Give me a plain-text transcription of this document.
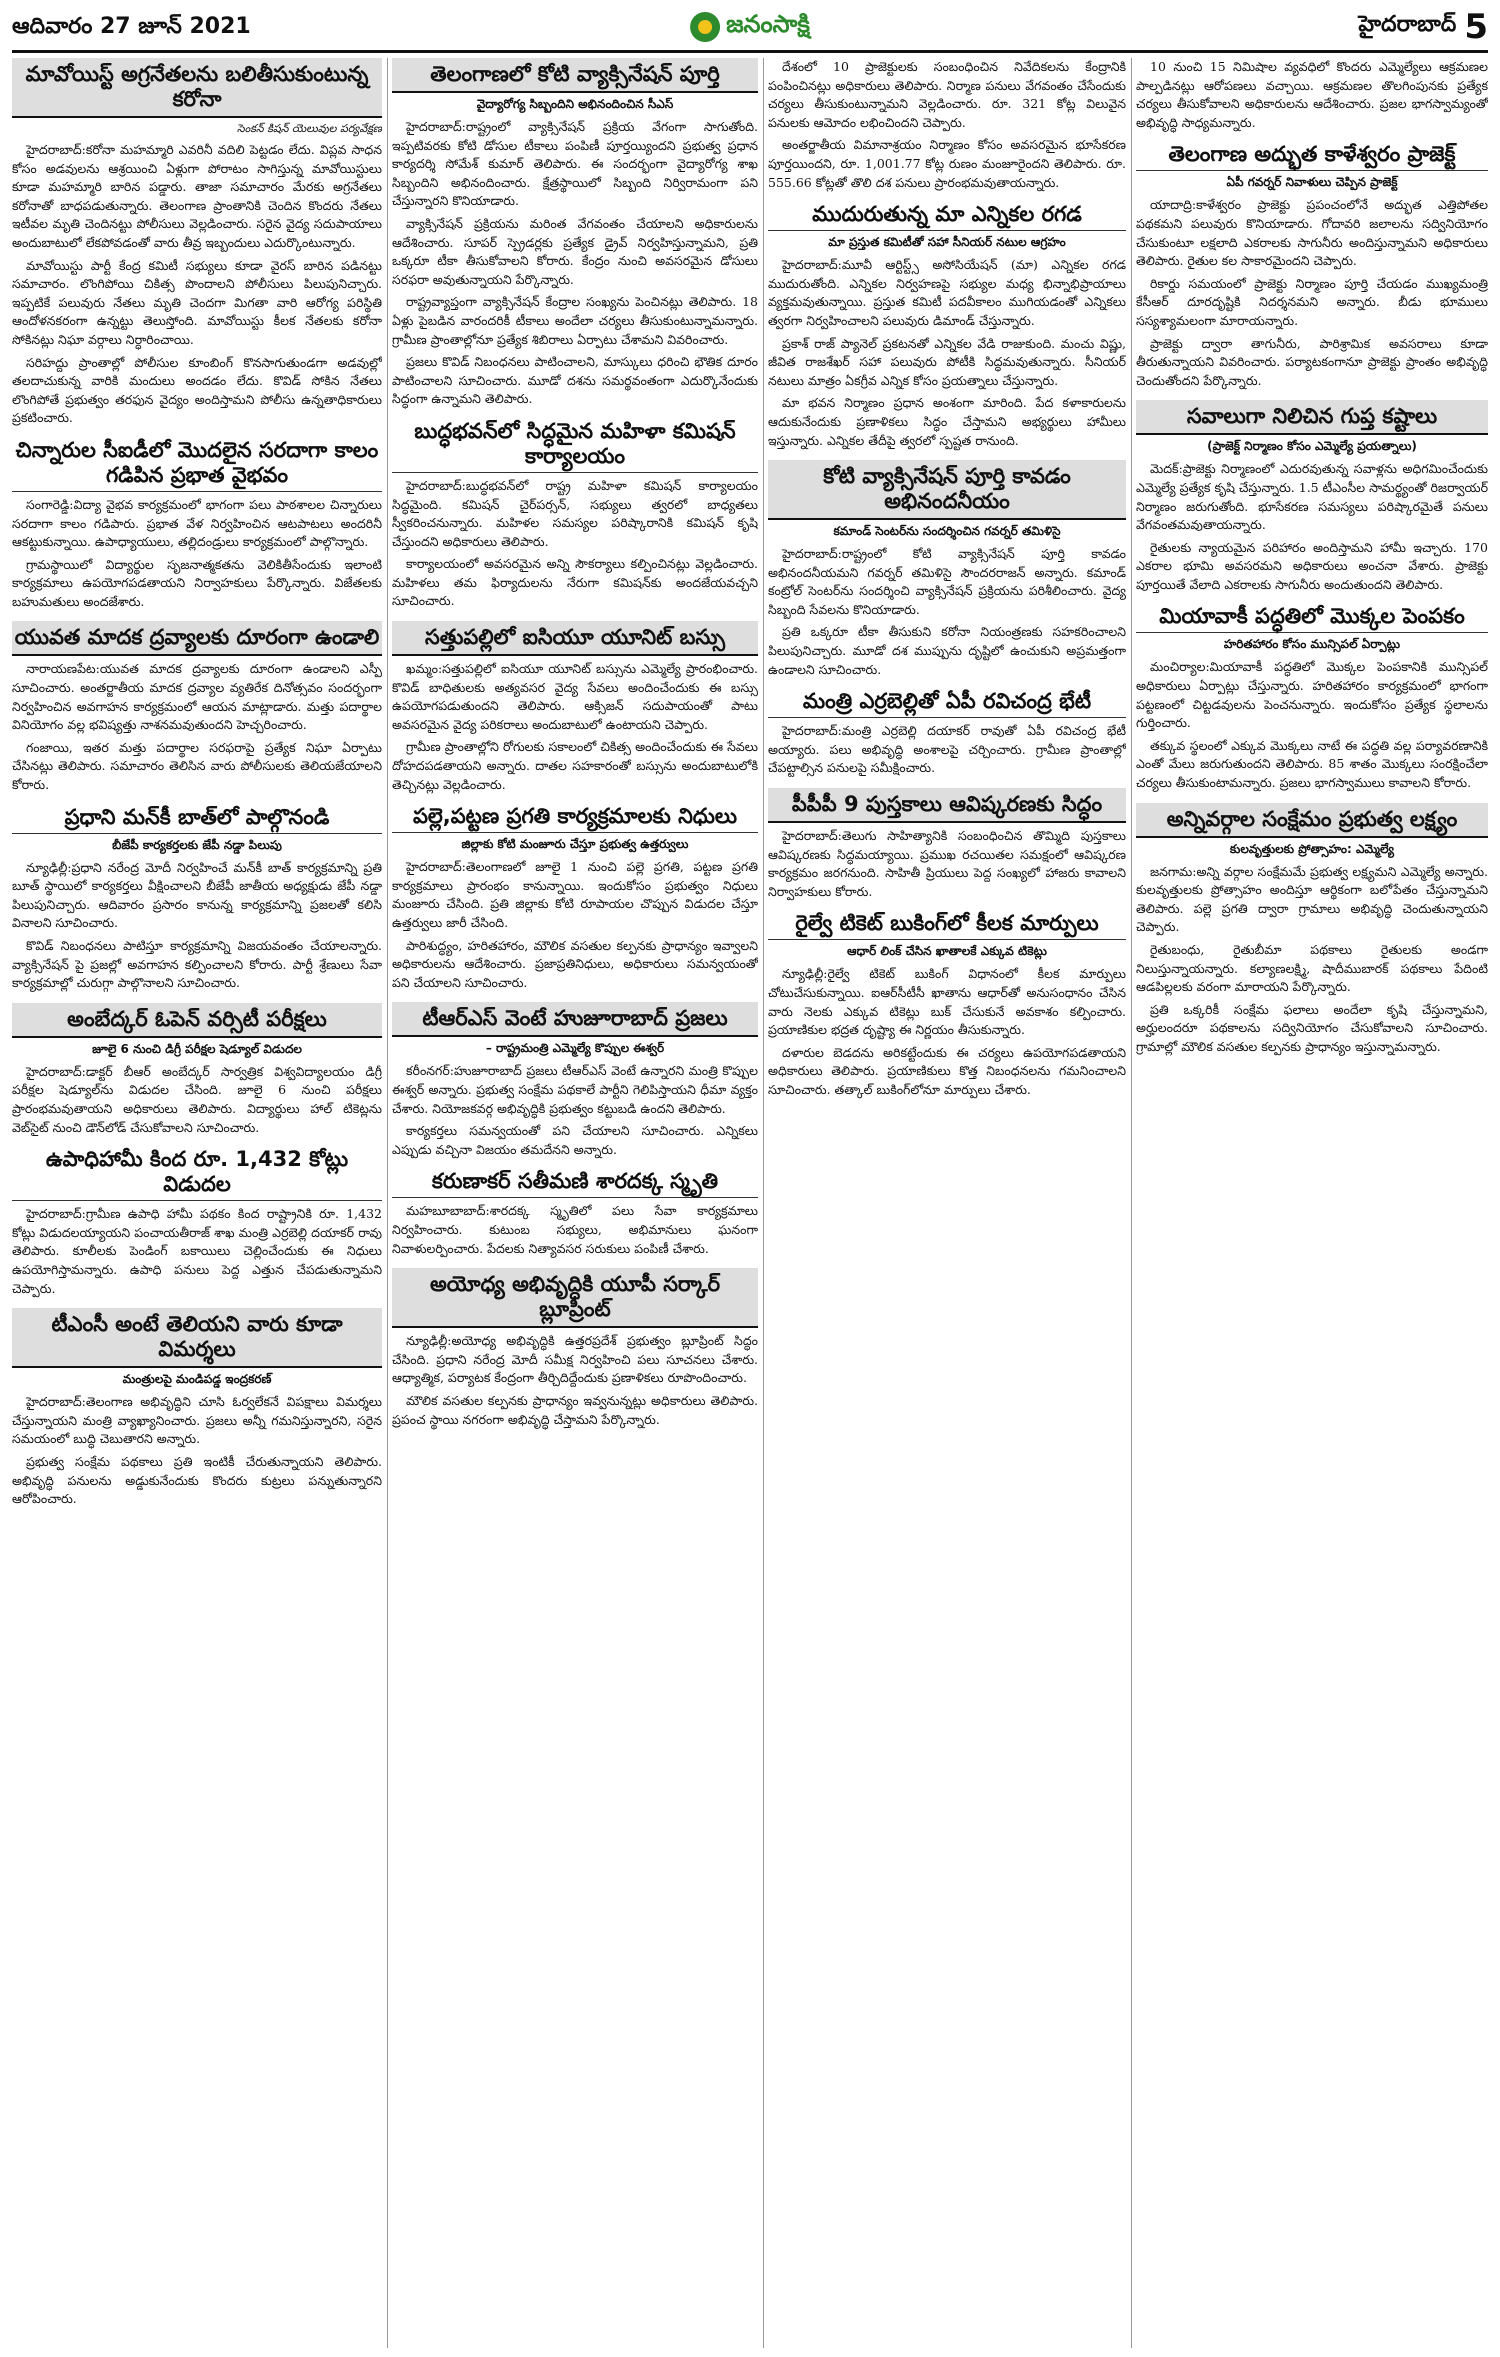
ఆదివారం 27 జూన్ 2021	జనంసాక్షి	హైదరాబాద్ 5
మావోయిస్ట్ అగ్రనేతలను బలితీసుకుంటున్న కరోనా
సెంకన్ కిషన్ యెలువుల పర్యవేక్షణ

హైదరాబాద్‌:కరోనా మహమ్మారి ఎవరినీ వదిలి పెట్టడం లేదు. విప్లవ సాధన కోసం అడవులను ఆశ్రయించి ఏళ్లుగా పోరాటం సాగిస్తున్న మావోయిస్టులు కూడా మహమ్మారి బారిన పడ్డారు. తాజా సమాచారం మేరకు అగ్రనేతలు కరోనాతో బాధపడుతున్నారు. తెలంగాణ ప్రాంతానికి చెందిన కొందరు నేతలు ఇటీవల మృతి చెందినట్టు పోలీసులు వెల్లడించారు. సరైన వైద్య సదుపాయాలు అందుబాటులో లేకపోవడంతో వారు తీవ్ర ఇబ్బందులు ఎదుర్కొంటున్నారు.

మావోయిస్టు పార్టీ కేంద్ర కమిటీ సభ్యులు కూడా వైరస్ బారిన పడినట్టు సమాచారం. లొంగిపోయి చికిత్స పొందాలని పోలీసులు పిలుపునిచ్చారు. ఇప్పటికే పలువురు నేతలు మృతి చెందగా మిగతా వారి ఆరోగ్య పరిస్థితి ఆందోళనకరంగా ఉన్నట్టు తెలుస్తోంది. మావోయిస్టు కీలక నేతలకు కరోనా సోకినట్లు నిఘా వర్గాలు నిర్ధారించాయి.

సరిహద్దు ప్రాంతాల్లో పోలీసుల కూంబింగ్ కొనసాగుతుండగా అడవుల్లో తలదాచుకున్న వారికి మందులు అందడం లేదు. కొవిడ్ సోకిన నేతలు లొంగిపోతే ప్రభుత్వం తరఫున వైద్యం అందిస్తామని పోలీసు ఉన్నతాధికారులు ప్రకటించారు.

చిన్నారుల సీఐడీలో మొదలైన సరదాగా కాలం గడిపిన ప్రభాత వైభవం

సంగారెడ్డి:విద్యా వైభవ కార్యక్రమంలో భాగంగా పలు పాఠశాలల చిన్నారులు సరదాగా కాలం గడిపారు. ప్రభాత వేళ నిర్వహించిన ఆటపాటలు అందరినీ ఆకట్టుకున్నాయి. ఉపాధ్యాయులు, తల్లిదండ్రులు కార్యక్రమంలో పాల్గొన్నారు.

గ్రామస్థాయిలో విద్యార్థుల సృజనాత్మకతను వెలికితీసేందుకు ఇలాంటి కార్యక్రమాలు ఉపయోగపడతాయని నిర్వాహకులు పేర్కొన్నారు. విజేతలకు బహుమతులు అందజేశారు.

యువత మాదక ద్రవ్యాలకు దూరంగా ఉండాలి

నారాయణపేట:యువత మాదక ద్రవ్యాలకు దూరంగా ఉండాలని ఎస్పీ సూచించారు. అంతర్జాతీయ మాదక ద్రవ్యాల వ్యతిరేక దినోత్సవం సందర్భంగా నిర్వహించిన అవగాహన కార్యక్రమంలో ఆయన మాట్లాడారు. మత్తు పదార్థాల వినియోగం వల్ల భవిష్యత్తు నాశనమవుతుందని హెచ్చరించారు.

గంజాయి, ఇతర మత్తు పదార్థాల సరఫరాపై ప్రత్యేక నిఘా ఏర్పాటు చేసినట్లు తెలిపారు. సమాచారం తెలిసిన వారు పోలీసులకు తెలియజేయాలని కోరారు.

ప్రధాని మన్‌కీ బాత్‌లో పాల్గొనండి
బీజేపీ కార్యకర్తలకు జేపీ నడ్డా పిలుపు

న్యూఢిల్లీ:ప్రధాని నరేంద్ర మోదీ నిర్వహించే మన్‌కీ బాత్ కార్యక్రమాన్ని ప్రతి బూత్ స్థాయిలో కార్యకర్తలు వీక్షించాలని బీజేపీ జాతీయ అధ్యక్షుడు జేపీ నడ్డా పిలుపునిచ్చారు. ఆదివారం ప్రసారం కానున్న కార్యక్రమాన్ని ప్రజలతో కలిసి వినాలని సూచించారు.

కొవిడ్ నిబంధనలు పాటిస్తూ కార్యక్రమాన్ని విజయవంతం చేయాలన్నారు. వ్యాక్సినేషన్ పై ప్రజల్లో అవగాహన కల్పించాలని కోరారు. పార్టీ శ్రేణులు సేవా కార్యక్రమాల్లో చురుగ్గా పాల్గొనాలని సూచించారు.

అంబేద్కర్ ఓపెన్ వర్సిటీ పరీక్షలు
జూలై 6 నుంచి డిగ్రీ పరీక్షల షెడ్యూల్ విడుదల

హైదరాబాద్‌:డాక్టర్ బీఆర్ అంబేద్కర్ సార్వత్రిక విశ్వవిద్యాలయం డిగ్రీ పరీక్షల షెడ్యూల్‌ను విడుదల చేసింది. జూలై 6 నుంచి పరీక్షలు ప్రారంభమవుతాయని అధికారులు తెలిపారు. విద్యార్థులు హాల్ టికెట్లను వెబ్‌సైట్ నుంచి డౌన్‌లోడ్ చేసుకోవాలని సూచించారు.

ఉపాధిహామీ కింద రూ. 1,432 కోట్లు విడుదల

హైదరాబాద్‌:గ్రామీణ ఉపాధి హామీ పథకం కింద రాష్ట్రానికి రూ. 1,432 కోట్లు విడుదలయ్యాయని పంచాయతీరాజ్ శాఖ మంత్రి ఎర్రబెల్లి దయాకర్ రావు తెలిపారు. కూలీలకు పెండింగ్ బకాయిలు చెల్లించేందుకు ఈ నిధులు ఉపయోగిస్తామన్నారు. ఉపాధి పనులు పెద్ద ఎత్తున చేపడుతున్నామని చెప్పారు.

టీఎంసీ అంటే తెలియని వారు కూడా విమర్శలు
మంత్రులపై మండిపడ్డ ఇంద్రకరణ్

హైదరాబాద్‌:తెలంగాణ అభివృద్ధిని చూసి ఓర్వలేకనే విపక్షాలు విమర్శలు చేస్తున్నాయని మంత్రి వ్యాఖ్యానించారు. ప్రజలు అన్నీ గమనిస్తున్నారని, సరైన సమయంలో బుద్ధి చెబుతారని అన్నారు.

ప్రభుత్వ సంక్షేమ పథకాలు ప్రతి ఇంటికీ చేరుతున్నాయని తెలిపారు. అభివృద్ధి పనులను అడ్డుకునేందుకు కొందరు కుట్రలు పన్నుతున్నారని ఆరోపించారు.

తెలంగాణలో కోటి వ్యాక్సినేషన్ పూర్తి
వైద్యారోగ్య సిబ్బందిని అభినందించిన సీఎస్

హైదరాబాద్‌:రాష్ట్రంలో వ్యాక్సినేషన్ ప్రక్రియ వేగంగా సాగుతోంది. ఇప్పటివరకు కోటి డోసుల టీకాలు పంపిణీ పూర్తయ్యిందని ప్రభుత్వ ప్రధాన కార్యదర్శి సోమేశ్ కుమార్ తెలిపారు. ఈ సందర్భంగా వైద్యారోగ్య శాఖ సిబ్బందిని అభినందించారు. క్షేత్రస్థాయిలో సిబ్బంది నిర్విరామంగా పని చేస్తున్నారని కొనియాడారు.

వ్యాక్సినేషన్ ప్రక్రియను మరింత వేగవంతం చేయాలని అధికారులను ఆదేశించారు. సూపర్ స్ప్రెడర్లకు ప్రత్యేక డ్రైవ్ నిర్వహిస్తున్నామని, ప్రతి ఒక్కరూ టీకా తీసుకోవాలని కోరారు. కేంద్రం నుంచి అవసరమైన డోసులు సరఫరా అవుతున్నాయని పేర్కొన్నారు.

రాష్ట్రవ్యాప్తంగా వ్యాక్సినేషన్ కేంద్రాల సంఖ్యను పెంచినట్లు తెలిపారు. 18 ఏళ్లు పైబడిన వారందరికీ టీకాలు అందేలా చర్యలు తీసుకుంటున్నామన్నారు. గ్రామీణ ప్రాంతాల్లోనూ ప్రత్యేక శిబిరాలు ఏర్పాటు చేశామని వివరించారు.

ప్రజలు కొవిడ్ నిబంధనలు పాటించాలని, మాస్కులు ధరించి భౌతిక దూరం పాటించాలని సూచించారు. మూడో దశను సమర్థవంతంగా ఎదుర్కొనేందుకు సిద్ధంగా ఉన్నామని తెలిపారు.

బుద్ధభవన్‌లో సిద్ధమైన మహిళా కమిషన్ కార్యాలయం

హైదరాబాద్‌:బుద్ధభవన్‌లో రాష్ట్ర మహిళా కమిషన్ కార్యాలయం సిద్ధమైంది. కమిషన్ చైర్‌పర్సన్, సభ్యులు త్వరలో బాధ్యతలు స్వీకరించనున్నారు. మహిళల సమస్యల పరిష్కారానికి కమిషన్ కృషి చేస్తుందని అధికారులు తెలిపారు.

కార్యాలయంలో అవసరమైన అన్ని సౌకర్యాలు కల్పించినట్లు వెల్లడించారు. మహిళలు తమ ఫిర్యాదులను నేరుగా కమిషన్‌కు అందజేయవచ్చని సూచించారు.

సత్తుపల్లిలో ఐసియూ యూనిట్ బస్సు

ఖమ్మం:సత్తుపల్లిలో ఐసియూ యూనిట్ బస్సును ఎమ్మెల్యే ప్రారంభించారు. కొవిడ్ బాధితులకు అత్యవసర వైద్య సేవలు అందించేందుకు ఈ బస్సు ఉపయోగపడుతుందని తెలిపారు. ఆక్సిజన్ సదుపాయంతో పాటు అవసరమైన వైద్య పరికరాలు అందుబాటులో ఉంటాయని చెప్పారు.

గ్రామీణ ప్రాంతాల్లోని రోగులకు సకాలంలో చికిత్స అందించేందుకు ఈ సేవలు దోహదపడతాయని అన్నారు. దాతల సహకారంతో బస్సును అందుబాటులోకి తెచ్చినట్లు వెల్లడించారు.

పల్లె,పట్టణ ప్రగతి కార్యక్రమాలకు నిధులు
జిల్లాకు కోటి మంజూరు చేస్తూ ప్రభుత్వ ఉత్తర్వులు

హైదరాబాద్‌:తెలంగాణలో జూలై 1 నుంచి పల్లె ప్రగతి, పట్టణ ప్రగతి కార్యక్రమాలు ప్రారంభం కానున్నాయి. ఇందుకోసం ప్రభుత్వం నిధులు మంజూరు చేసింది. ప్రతి జిల్లాకు కోటి రూపాయల చొప్పున విడుదల చేస్తూ ఉత్తర్వులు జారీ చేసింది.

పారిశుద్ధ్యం, హరితహారం, మౌలిక వసతుల కల్పనకు ప్రాధాన్యం ఇవ్వాలని అధికారులను ఆదేశించారు. ప్రజాప్రతినిధులు, అధికారులు సమన్వయంతో పని చేయాలని సూచించారు.

టీఆర్‌ఎస్ వెంటే హుజూరాబాద్ ప్రజలు
– రాష్ట్రమంత్రి ఎమ్మెల్యే కొప్పుల ఈశ్వర్

కరీంనగర్‌:హుజూరాబాద్ ప్రజలు టీఆర్‌ఎస్ వెంటే ఉన్నారని మంత్రి కొప్పుల ఈశ్వర్ అన్నారు. ప్రభుత్వ సంక్షేమ పథకాలే పార్టీని గెలిపిస్తాయని ధీమా వ్యక్తం చేశారు. నియోజకవర్గ అభివృద్ధికి ప్రభుత్వం కట్టుబడి ఉందని తెలిపారు.

కార్యకర్తలు సమన్వయంతో పని చేయాలని సూచించారు. ఎన్నికలు ఎప్పుడు వచ్చినా విజయం తమదేనని అన్నారు.

కరుణాకర్ సతీమణి శారదక్క స్మృతి

మహబూబాబాద్‌:శారదక్క స్మృతిలో పలు సేవా కార్యక్రమాలు నిర్వహించారు. కుటుంబ సభ్యులు, అభిమానులు ఘనంగా నివాళులర్పించారు. పేదలకు నిత్యావసర సరుకులు పంపిణీ చేశారు.

అయోధ్య అభివృద్ధికి యూపీ సర్కార్ బ్లూప్రింట్

న్యూఢిల్లీ:అయోధ్య అభివృద్ధికి ఉత్తరప్రదేశ్ ప్రభుత్వం బ్లూప్రింట్ సిద్ధం చేసింది. ప్రధాని నరేంద్ర మోదీ సమీక్ష నిర్వహించి పలు సూచనలు చేశారు. ఆధ్యాత్మిక, పర్యాటక కేంద్రంగా తీర్చిదిద్దేందుకు ప్రణాళికలు రూపొందించారు.

మౌలిక వసతుల కల్పనకు ప్రాధాన్యం ఇవ్వనున్నట్లు అధికారులు తెలిపారు. ప్రపంచ స్థాయి నగరంగా అభివృద్ధి చేస్తామని పేర్కొన్నారు.

దేశంలో 10 ప్రాజెక్టులకు సంబంధించిన నివేదికలను కేంద్రానికి పంపించినట్లు అధికారులు తెలిపారు. నిర్మాణ పనులు వేగవంతం చేసేందుకు చర్యలు తీసుకుంటున్నామని వెల్లడించారు. రూ. 321 కోట్ల విలువైన పనులకు ఆమోదం లభించిందని చెప్పారు.

అంతర్జాతీయ విమానాశ్రయం నిర్మాణం కోసం అవసరమైన భూసేకరణ పూర్తయిందని, రూ. 1,001.77 కోట్ల రుణం మంజూరైందని తెలిపారు. రూ. 555.66 కోట్లతో తొలి దశ పనులు ప్రారంభమవుతాయన్నారు.

ముదురుతున్న మా ఎన్నికల రగడ
మా ప్రస్తుత కమిటీతో సహా సీనియర్ నటుల ఆగ్రహం

హైదరాబాద్‌:మూవీ ఆర్టిస్ట్స్ అసోసియేషన్ (మా) ఎన్నికల రగడ ముదురుతోంది. ఎన్నికల నిర్వహణపై సభ్యుల మధ్య భిన్నాభిప్రాయాలు వ్యక్తమవుతున్నాయి. ప్రస్తుత కమిటీ పదవీకాలం ముగియడంతో ఎన్నికలు త్వరగా నిర్వహించాలని పలువురు డిమాండ్ చేస్తున్నారు.

ప్రకాశ్ రాజ్ ప్యానెల్ ప్రకటనతో ఎన్నికల వేడి రాజుకుంది. మంచు విష్ణు, జీవిత రాజశేఖర్ సహా పలువురు పోటీకి సిద్ధమవుతున్నారు. సీనియర్ నటులు మాత్రం ఏకగ్రీవ ఎన్నిక కోసం ప్రయత్నాలు చేస్తున్నారు.

మా భవన నిర్మాణం ప్రధాన అంశంగా మారింది. పేద కళాకారులను ఆదుకునేందుకు ప్రణాళికలు సిద్ధం చేస్తామని అభ్యర్థులు హామీలు ఇస్తున్నారు. ఎన్నికల తేదీపై త్వరలో స్పష్టత రానుంది.

కోటి వ్యాక్సినేషన్ పూర్తి కావడం అభినందనీయం
కమాండ్ సెంటర్‌ను సందర్శించిన గవర్నర్ తమిళిసై

హైదరాబాద్‌:రాష్ట్రంలో కోటి వ్యాక్సినేషన్ పూర్తి కావడం అభినందనీయమని గవర్నర్ తమిళిసై సౌందరరాజన్ అన్నారు. కమాండ్ కంట్రోల్ సెంటర్‌ను సందర్శించి వ్యాక్సినేషన్ ప్రక్రియను పరిశీలించారు. వైద్య సిబ్బంది సేవలను కొనియాడారు.

ప్రతి ఒక్కరూ టీకా తీసుకుని కరోనా నియంత్రణకు సహకరించాలని పిలుపునిచ్చారు. మూడో దశ ముప్పును దృష్టిలో ఉంచుకుని అప్రమత్తంగా ఉండాలని సూచించారు.

మంత్రి ఎర్రబెల్లితో ఏపీ రవిచంద్ర భేటీ

హైదరాబాద్‌:మంత్రి ఎర్రబెల్లి దయాకర్ రావుతో ఏపీ రవిచంద్ర భేటీ అయ్యారు. పలు అభివృద్ధి అంశాలపై చర్చించారు. గ్రామీణ ప్రాంతాల్లో చేపట్టాల్సిన పనులపై సమీక్షించారు.

పీపీపీ 9 పుస్తకాలు ఆవిష్కరణకు సిద్ధం

హైదరాబాద్‌:తెలుగు సాహిత్యానికి సంబంధించిన తొమ్మిది పుస్తకాలు ఆవిష్కరణకు సిద్ధమయ్యాయి. ప్రముఖ రచయితల సమక్షంలో ఆవిష్కరణ కార్యక్రమం జరగనుంది. సాహితీ ప్రియులు పెద్ద సంఖ్యలో హాజరు కావాలని నిర్వాహకులు కోరారు.

రైల్వే టికెట్ బుకింగ్‌లో కీలక మార్పులు
ఆధార్‌ లింక్ చేసిన ఖాతాలకే ఎక్కువ టికెట్లు

న్యూఢిల్లీ:రైల్వే టికెట్ బుకింగ్ విధానంలో కీలక మార్పులు చోటుచేసుకున్నాయి. ఐఆర్‌సీటీసీ ఖాతాను ఆధార్‌తో అనుసంధానం చేసిన వారు నెలకు ఎక్కువ టికెట్లు బుక్ చేసుకునే అవకాశం కల్పించారు. ప్రయాణికుల భద్రత దృష్ట్యా ఈ నిర్ణయం తీసుకున్నారు.

దళారుల బెడదను అరికట్టేందుకు ఈ చర్యలు ఉపయోగపడతాయని అధికారులు తెలిపారు. ప్రయాణికులు కొత్త నిబంధనలను గమనించాలని సూచించారు. తత్కాల్ బుకింగ్‌లోనూ మార్పులు చేశారు.

10 నుంచి 15 నిమిషాల వ్యవధిలో కొందరు ఎమ్మెల్యేలు ఆక్రమణల పాల్పడినట్లు ఆరోపణలు వచ్చాయి. ఆక్రమణల తొలగింపునకు ప్రత్యేక చర్యలు తీసుకోవాలని అధికారులను ఆదేశించారు. ప్రజల భాగస్వామ్యంతో అభివృద్ధి సాధ్యమన్నారు.

తెలంగాణ అద్భుత కాళేశ్వరం ప్రాజెక్ట్
ఏపీ గవర్నర్ నివాళులు చెప్పిన ప్రాజెక్ట్

యాదాద్రి:కాళేశ్వరం ప్రాజెక్టు ప్రపంచంలోనే అద్భుత ఎత్తిపోతల పథకమని పలువురు కొనియాడారు. గోదావరి జలాలను సద్వినియోగం చేసుకుంటూ లక్షలాది ఎకరాలకు సాగునీరు అందిస్తున్నామని అధికారులు తెలిపారు. రైతుల కల సాకారమైందని చెప్పారు.

రికార్డు సమయంలో ప్రాజెక్టు నిర్మాణం పూర్తి చేయడం ముఖ్యమంత్రి కేసీఆర్ దూరదృష్టికి నిదర్శనమని అన్నారు. బీడు భూములు సస్యశ్యామలంగా మారాయన్నారు.

ప్రాజెక్టు ద్వారా తాగునీరు, పారిశ్రామిక అవసరాలు కూడా తీరుతున్నాయని వివరించారు. పర్యాటకంగానూ ప్రాజెక్టు ప్రాంతం అభివృద్ధి చెందుతోందని పేర్కొన్నారు.

సవాలుగా నిలిచిన గుప్త కష్టాలు
(ప్రాజెక్ట్ నిర్మాణం కోసం ఎమ్మెల్యే ప్రయత్నాలు)

మెదక్‌:ప్రాజెక్టు నిర్మాణంలో ఎదురవుతున్న సవాళ్లను అధిగమించేందుకు ఎమ్మెల్యే ప్రత్యేక కృషి చేస్తున్నారు. 1.5 టీఎంసీల సామర్థ్యంతో రిజర్వాయర్ నిర్మాణం జరుగుతోంది. భూసేకరణ సమస్యలు పరిష్కారమైతే పనులు వేగవంతమవుతాయన్నారు.

రైతులకు న్యాయమైన పరిహారం అందిస్తామని హామీ ఇచ్చారు. 170 ఎకరాల భూమి అవసరమని అధికారులు అంచనా వేశారు. ప్రాజెక్టు పూర్తయితే వేలాది ఎకరాలకు సాగునీరు అందుతుందని తెలిపారు.

మియావాకీ పద్ధతిలో మొక్కల పెంపకం
హరితహారం కోసం మున్సిపల్ ఏర్పాట్లు

మంచిర్యాల:మియావాకీ పద్ధతిలో మొక్కల పెంపకానికి మున్సిపల్ అధికారులు ఏర్పాట్లు చేస్తున్నారు. హరితహారం కార్యక్రమంలో భాగంగా పట్టణంలో చిట్టడవులను పెంచనున్నారు. ఇందుకోసం ప్రత్యేక స్థలాలను గుర్తించారు.

తక్కువ స్థలంలో ఎక్కువ మొక్కలు నాటే ఈ పద్ధతి వల్ల పర్యావరణానికి ఎంతో మేలు జరుగుతుందని తెలిపారు. 85 శాతం మొక్కలు సంరక్షించేలా చర్యలు తీసుకుంటామన్నారు. ప్రజలు భాగస్వాములు కావాలని కోరారు.

అన్నివర్గాల సంక్షేమం ప్రభుత్వ లక్ష్యం
కులవృత్తులకు ప్రోత్సాహం: ఎమ్మెల్యే

జనగామ:అన్ని వర్గాల సంక్షేమమే ప్రభుత్వ లక్ష్యమని ఎమ్మెల్యే అన్నారు. కులవృత్తులకు ప్రోత్సాహం అందిస్తూ ఆర్థికంగా బలోపేతం చేస్తున్నామని తెలిపారు. పల్లె ప్రగతి ద్వారా గ్రామాలు అభివృద్ధి చెందుతున్నాయని చెప్పారు.

రైతుబంధు, రైతుబీమా పథకాలు రైతులకు అండగా నిలుస్తున్నాయన్నారు. కల్యాణలక్ష్మి, షాదీముబారక్ పథకాలు పేదింటి ఆడపిల్లలకు వరంగా మారాయని పేర్కొన్నారు.

ప్రతి ఒక్కరికీ సంక్షేమ ఫలాలు అందేలా కృషి చేస్తున్నామని, అర్హులందరూ పథకాలను సద్వినియోగం చేసుకోవాలని సూచించారు. గ్రామాల్లో మౌలిక వసతుల కల్పనకు ప్రాధాన్యం ఇస్తున్నామన్నారు.
